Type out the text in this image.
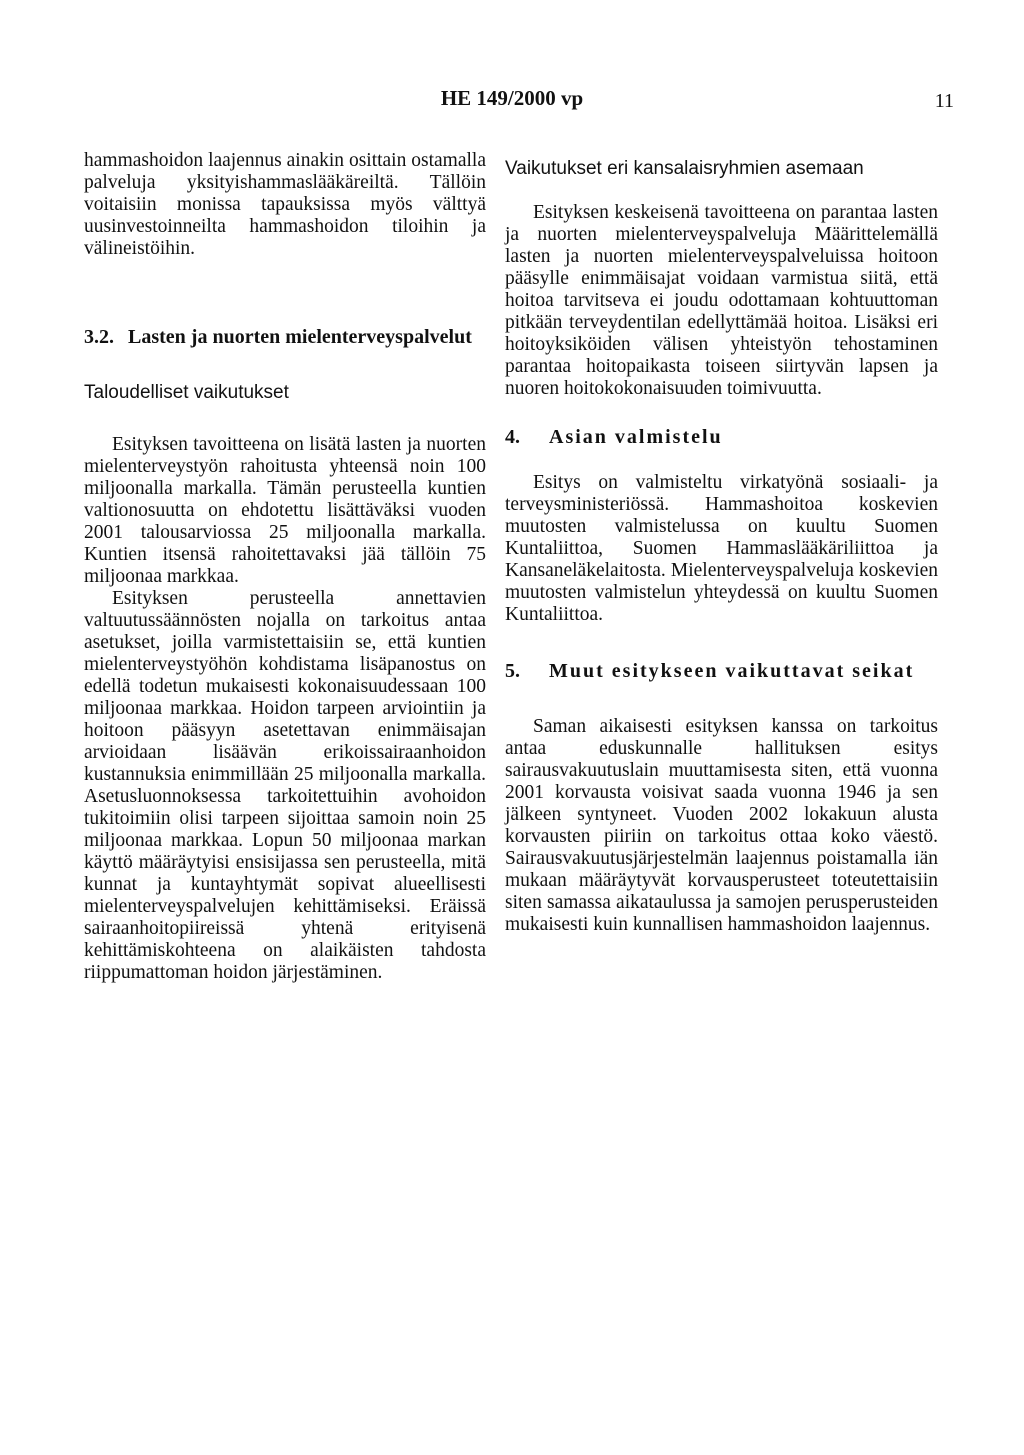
HE 149/2000 vp	11

hammashoidon laajennus ainakin osittain ostamalla palveluja yksityishammaslääkäreiltä. Tällöin voitaisiin monissa tapauksissa myös välttyä uusinvestoinneilta hammashoidon tiloihin ja välineistöihin.

3.2. Lasten ja nuorten mielenterveyspalvelut

Taloudelliset vaikutukset

Esityksen tavoitteena on lisätä lasten ja nuorten mielenterveystyön rahoitusta yhteensä noin 100 miljoonalla markalla. Tämän perusteella kuntien valtionosuutta on ehdotettu lisättäväksi vuoden 2001 talousarviossa 25 miljoonalla markalla. Kuntien itsensä rahoitettavaksi jää tällöin 75 miljoonaa markkaa.

Esityksen perusteella annettavien valtuutussäännösten nojalla on tarkoitus antaa asetukset, joilla varmistettaisiin se, että kuntien mielenterveystyöhön kohdistama lisäpanostus on edellä todetun mukaisesti kokonaisuudessaan 100 miljoonaa markkaa. Hoidon tarpeen arviointiin ja hoitoon pääsyyn asetettavan enimmäisajan arvioidaan lisäävän erikoissairaanhoidon kustannuksia enimmillään 25 miljoonalla markalla. Asetusluonnoksessa tarkoitettuihin avohoidon tukitoimiin olisi tarpeen sijoittaa samoin noin 25 miljoonaa markkaa. Lopun 50 miljoonaa markan käyttö määräytyisi ensisijassa sen perusteella, mitä kunnat ja kuntayhtymät sopivat alueellisesti mielenterveyspalvelujen kehittämiseksi. Eräissä sairaanhoitopiireissä yhtenä erityisenä kehittämiskohteena on alaikäisten tahdosta riippumattoman hoidon järjestäminen.

Vaikutukset eri kansalaisryhmien asemaan

Esityksen keskeisenä tavoitteena on parantaa lasten ja nuorten mielenterveyspalveluja Määrittelemällä lasten ja nuorten mielenterveyspalveluissa hoitoon pääsylle enimmäisajat voidaan varmistua siitä, että hoitoa tarvitseva ei joudu odottamaan kohtuuttoman pitkään terveydentilan edellyttämää hoitoa. Lisäksi eri hoitoyksiköiden välisen yhteistyön tehostaminen parantaa hoitopaikasta toiseen siirtyvän lapsen ja nuoren hoitokokonaisuuden toimivuutta.

4.	Asian valmistelu

Esitys on valmisteltu virkatyönä sosiaali- ja terveysministeriössä. Hammashoitoa koskevien muutosten valmistelussa on kuultu Suomen Kuntaliittoa, Suomen Hammaslääkäriliittoa ja Kansaneläkelaitosta. Mielenterveyspalveluja koskevien muutosten valmistelun yhteydessä on kuultu Suomen Kuntaliittoa.

5.	Muut esitykseen vaikuttavat seikat

Saman aikaisesti esityksen kanssa on tarkoitus antaa eduskunnalle hallituksen esitys sairausvakuutuslain muuttamisesta siten, että vuonna 2001 korvausta voisivat saada vuonna 1946 ja sen jälkeen syntyneet. Vuoden 2002 lokakuun alusta korvausten piiriin on tarkoitus ottaa koko väestö. Sairausvakuutusjärjestelmän laajennus poistamalla iän mukaan määräytyvät korvausperusteet toteutettaisiin siten samassa aikataulussa ja samojen perusperusteiden mukaisesti kuin kunnallisen hammashoidon laajennus.
